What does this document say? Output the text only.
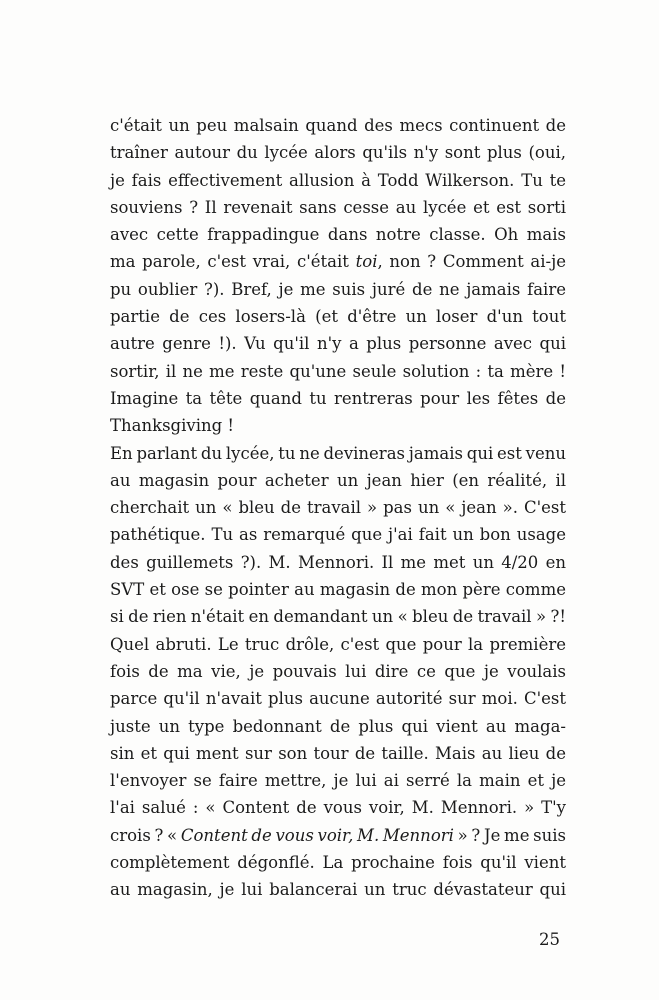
c'était un peu malsain quand des mecs continuent de
traîner autour du lycée alors qu'ils n'y sont plus (oui,
je fais effectivement allusion à Todd Wilkerson. Tu te
souviens ? Il revenait sans cesse au lycée et est sorti
avec cette frappadingue dans notre classe. Oh mais
ma parole, c'est vrai, c'était toi, non ? Comment ai-je
pu oublier ?). Bref, je me suis juré de ne jamais faire
partie de ces losers-là (et d'être un loser d'un tout
autre genre !). Vu qu'il n'y a plus personne avec qui
sortir, il ne me reste qu'une seule solution : ta mère !
Imagine ta tête quand tu rentreras pour les fêtes de
Thanksgiving !
En parlant du lycée, tu ne devineras jamais qui est venu
au magasin pour acheter un jean hier (en réalité, il
cherchait un « bleu de travail » pas un « jean ». C'est
pathétique. Tu as remarqué que j'ai fait un bon usage
des guillemets ?). M. Mennori. Il me met un 4/20 en
SVT et ose se pointer au magasin de mon père comme
si de rien n'était en demandant un « bleu de travail » ?!
Quel abruti. Le truc drôle, c'est que pour la première
fois de ma vie, je pouvais lui dire ce que je voulais
parce qu'il n'avait plus aucune autorité sur moi. C'est
juste un type bedonnant de plus qui vient au maga-
sin et qui ment sur son tour de taille. Mais au lieu de
l'envoyer se faire mettre, je lui ai serré la main et je
l'ai salué : « Content de vous voir, M. Mennori. » T'y
crois ? « Content de vous voir, M. Mennori » ? Je me suis
complètement dégonflé. La prochaine fois qu'il vient
au magasin, je lui balancerai un truc dévastateur qui
25
